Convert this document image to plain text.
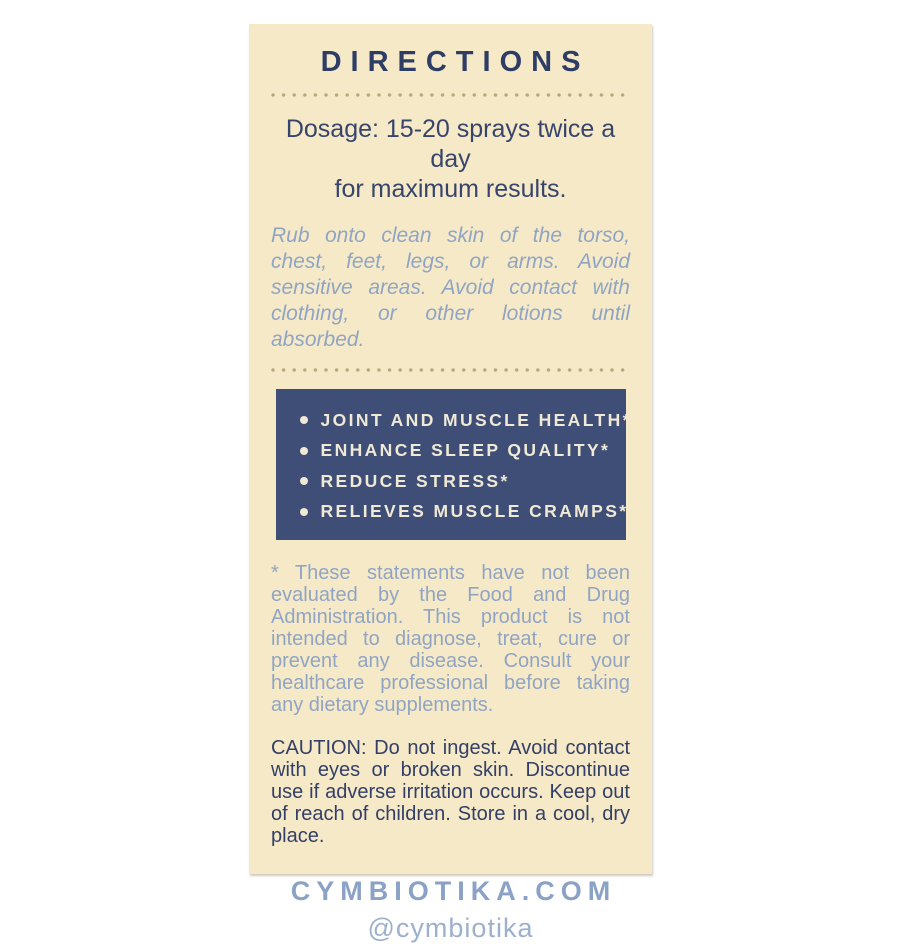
DIRECTIONS

Dosage: 15-20 sprays twice a day
for maximum results.

Rub onto clean skin of the torso, chest, feet, legs, or arms. Avoid sensitive areas. Avoid contact with clothing, or other lotions until absorbed.

JOINT AND MUSCLE HEALTH*
ENHANCE SLEEP QUALITY*
REDUCE STRESS*
RELIEVES MUSCLE CRAMPS*

* These statements have not been evaluated by the Food and Drug Administration. This product is not intended to diagnose, treat, cure or prevent any disease. Consult your healthcare professional before taking any dietary supplements.

CAUTION: Do not ingest. Avoid contact with eyes or broken skin. Discontinue use if adverse irritation occurs. Keep out of reach of children. Store in a cool, dry place.

CYMBIOTIKA.COM

@cymbiotika
